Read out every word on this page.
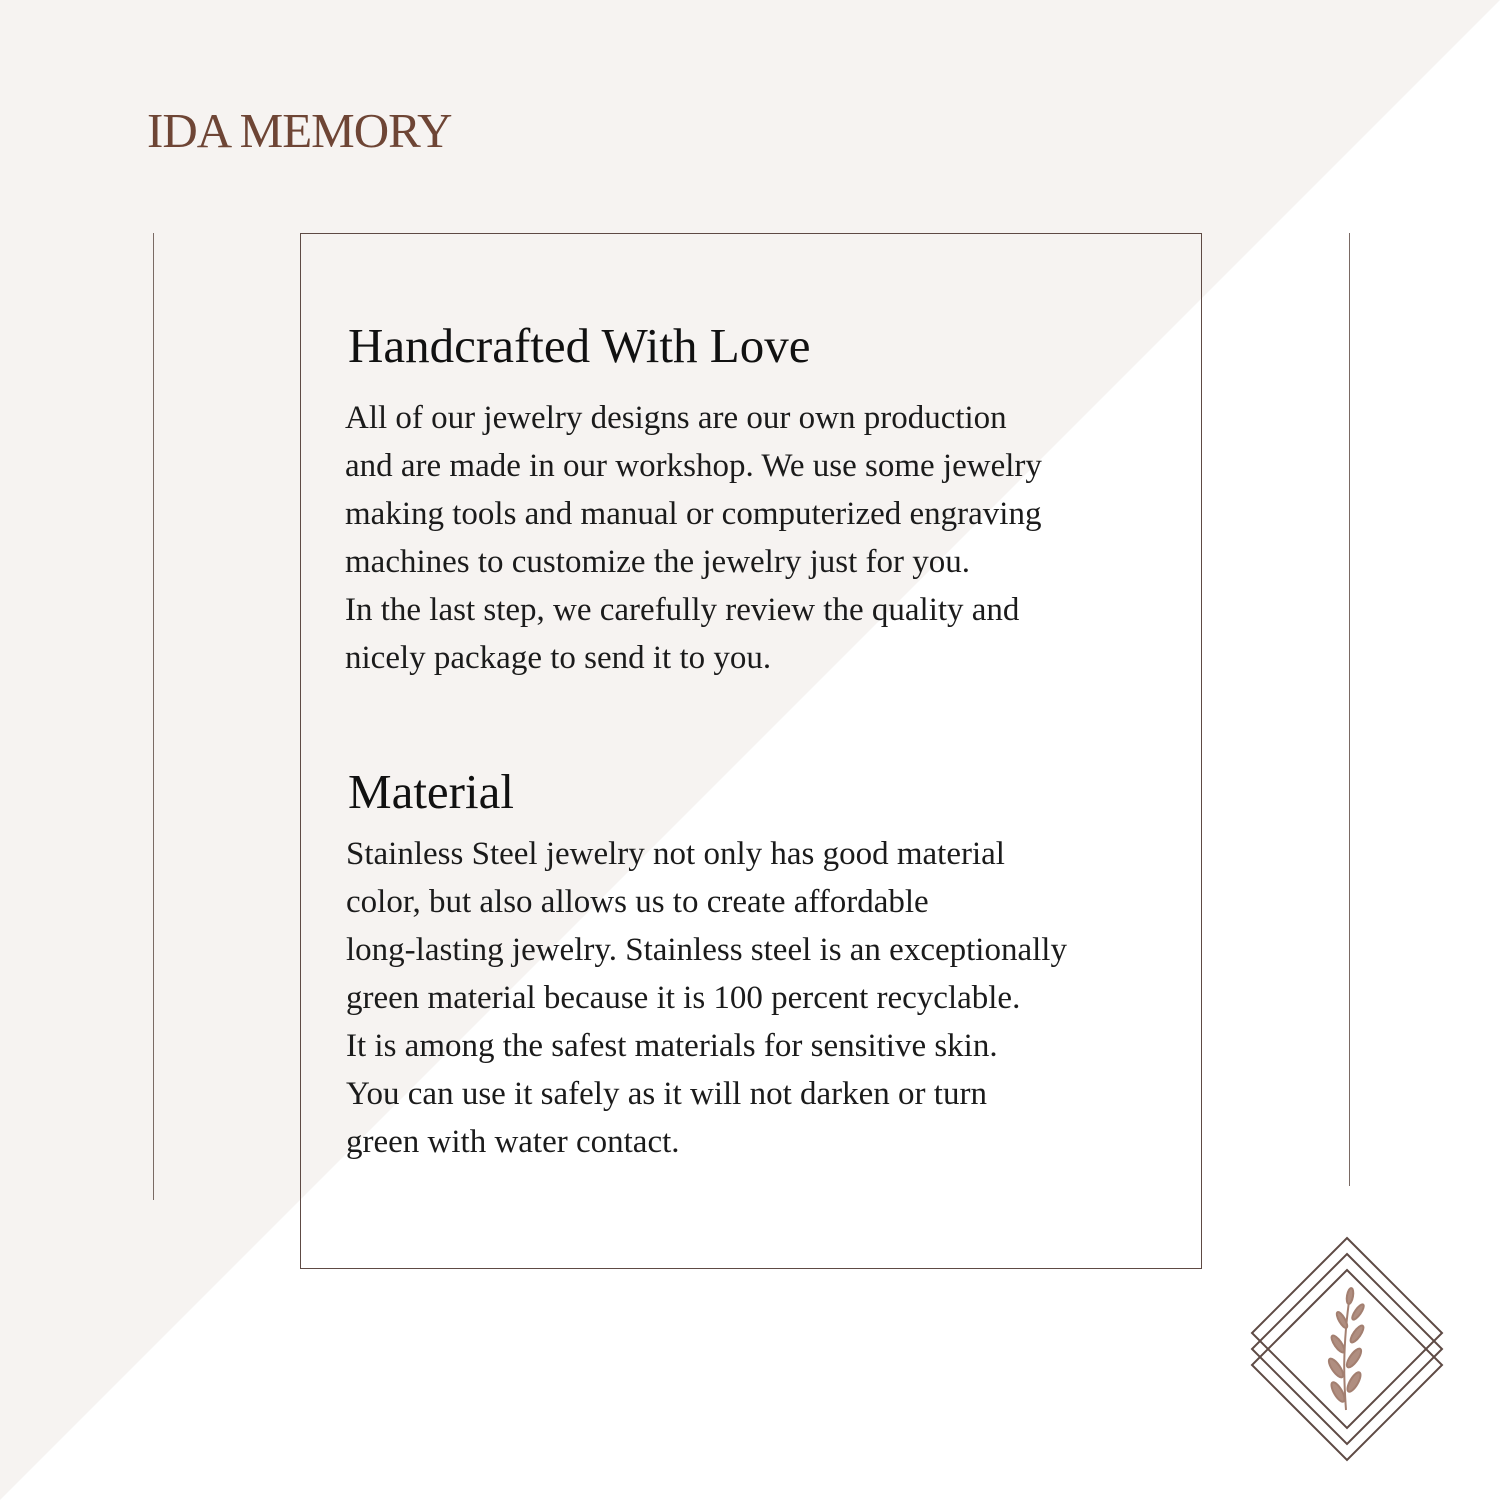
IDA MEMORY
Handcrafted With Love

All of our jewelry designs are our own production
and are made in our workshop. We use some jewelry
making tools and manual or computerized engraving
machines to customize the jewelry just for you.
In the last step, we carefully review the quality and
nicely package to send it to you.

Material

Stainless Steel jewelry not only has good material
color, but also allows us to create affordable
long-lasting jewelry. Stainless steel is an exceptionally
green material because it is 100 percent recyclable.
It is among the safest materials for sensitive skin.
You can use it safely as it will not darken or turn
green with water contact.
